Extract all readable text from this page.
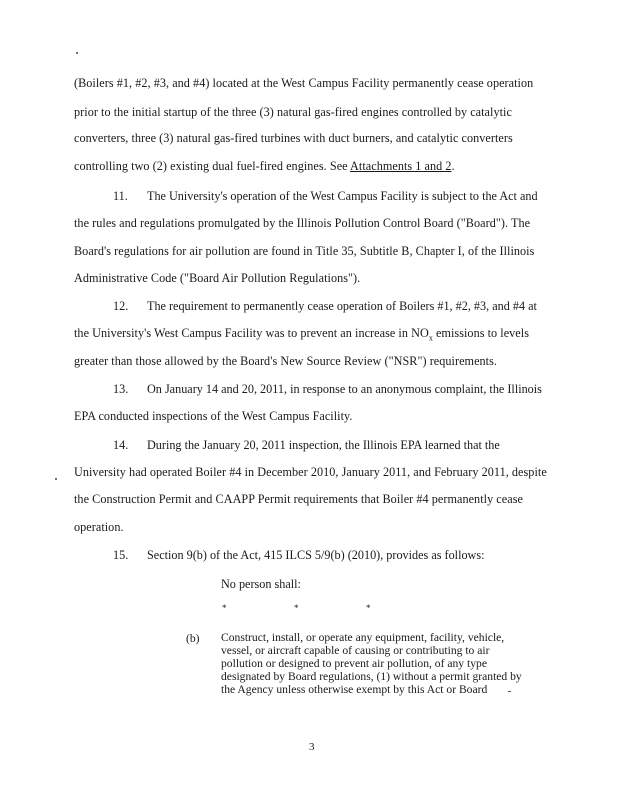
(Boilers #1, #2, #3, and #4) located at the West Campus Facility permanently cease operation
prior to the initial startup of the three (3) natural gas-fired engines controlled by catalytic
converters, three (3) natural gas-fired turbines with duct burners, and catalytic converters
controlling two (2) existing dual fuel-fired engines. See Attachments 1 and 2.
11. The University's operation of the West Campus Facility is subject to the Act and
the rules and regulations promulgated by the Illinois Pollution Control Board ("Board"). The
Board's regulations for air pollution are found in Title 35, Subtitle B, Chapter I, of the Illinois
Administrative Code ("Board Air Pollution Regulations").
12. The requirement to permanently cease operation of Boilers #1, #2, #3, and #4 at
the University's West Campus Facility was to prevent an increase in $NO_x$ emissions to levels
greater than those allowed by the Board's New Source Review ("NSR") requirements.
13. On January 14 and 20, 2011, in response to an anonymous complaint, the Illinois
EPA conducted inspections of the West Campus Facility.
14. During the January 20, 2011 inspection, the Illinois EPA learned that the
University had operated Boiler #4 in December 2010, January 2011, and February 2011, despite
the Construction Permit and CAAPP Permit requirements that Boiler #4 permanently cease
operation.
15. Section 9(b) of the Act, 415 ILCS 5/9(b) (2010), provides as follows:
No person shall:
*	*	*
(b) Construct, install, or operate any equipment, facility, vehicle,
vessel, or aircraft capable of causing or contributing to air
pollution or designed to prevent air pollution, of any type
designated by Board regulations, (1) without a permit granted by
the Agency unless otherwise exempt by this Act or Board
3
